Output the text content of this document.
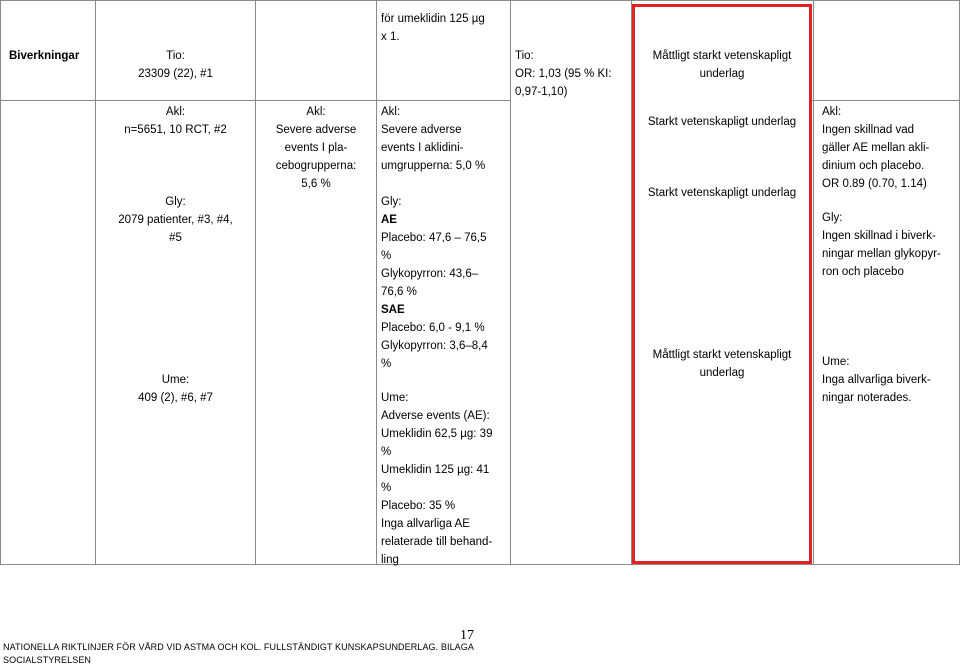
Biverkningar	Tio:

23309 (22), #1

Akl:

n=5651, 10 RCT, #2

Gly:

2079 patienter, #3, #4,

#5

Ume:

409 (2), #6, #7

Akl:

Severe adverse

events I pla-

cebogrupperna:

5,6 %

för umeklidin 125 µg

x 1.

Akl:

Severe adverse

events I aklidini-

umgrupperna: 5,0 %

Gly:

AE

Placebo: 47,6 – 76,5

%

Glykopyrron: 43,6–

76,6 %

SAE

Placebo: 6,0 - 9,1 %

Glykopyrron: 3,6–8,4

%

Ume:

Adverse events (AE):

Umeklidin 62,5 µg: 39

%

Umeklidin 125 µg: 41

%

Placebo: 35 %

Inga allvarliga AE

relaterade till behand-

ling

Tio:

OR: 1,03 (95 % KI:

0,97-1,10)

Måttligt starkt vetenskapligt

underlag

Starkt vetenskapligt underlag

Starkt vetenskapligt underlag

Måttligt starkt vetenskapligt

underlag

Akl:

Ingen skillnad vad

gäller AE mellan akli-

dinium och placebo.

OR 0.89 (0.70, 1.14)

Gly:

Ingen skillnad i biverk-

ningar mellan glykopyr-

ron och placebo

Ume:

Inga allvarliga biverk-

ningar noterades.

17
NATIONELLA RIKTLINJER FÖR VÅRD VID ASTMA OCH KOL. FULLSTÄNDIGT KUNSKAPSUNDERLAG. BILAGA
SOCIALSTYRELSEN
